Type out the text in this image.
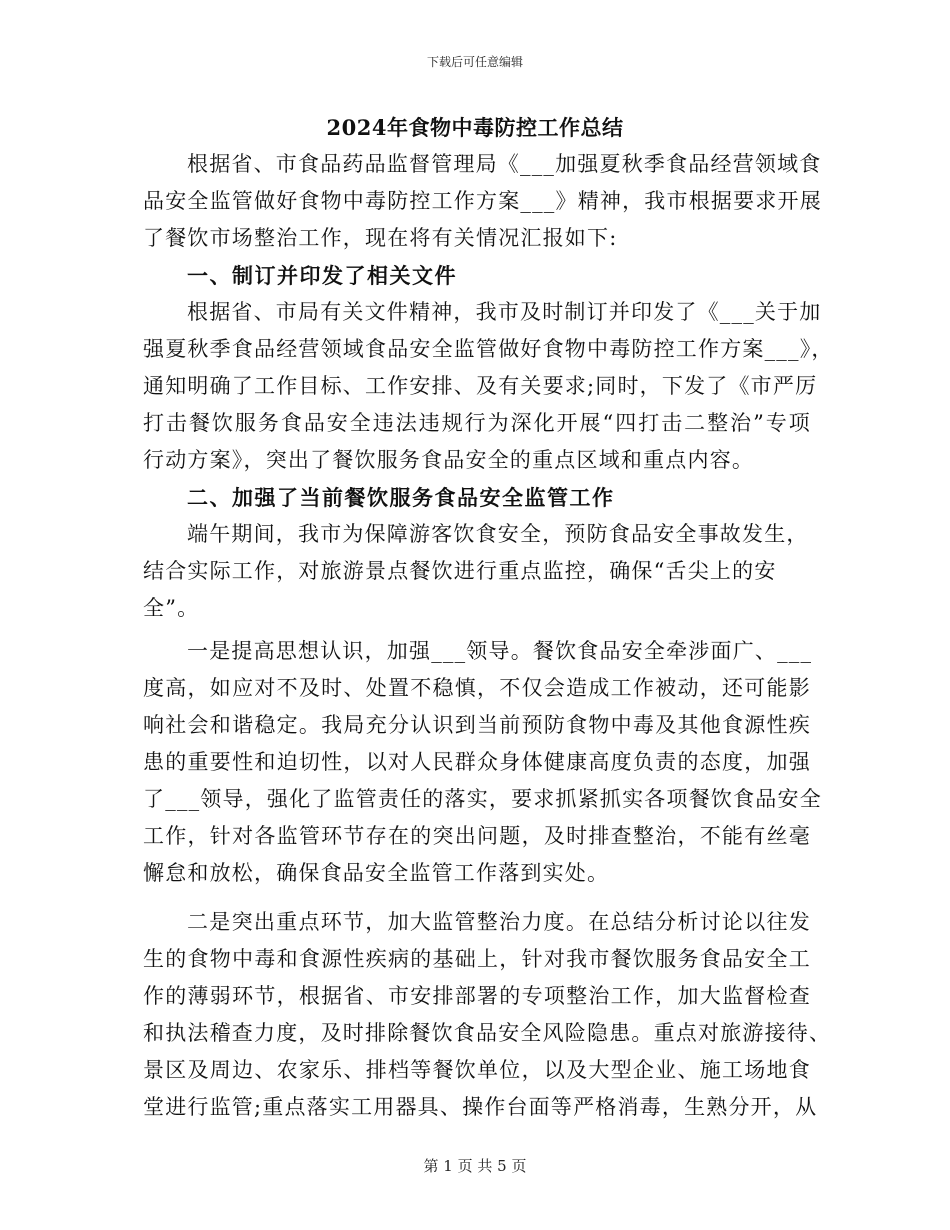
下载后可任意编辑
2024年食物中毒防控工作总结
根据省、市食品药品监督管理局《___加强夏秋季食品经营领域食
品安全监管做好食物中毒防控工作方案___》精神，我市根据要求开展
了餐饮市场整治工作，现在将有关情况汇报如下:
一、制订并印发了相关文件
根据省、市局有关文件精神，我市及时制订并印发了《___关于加
强夏秋季食品经营领域食品安全监管做好食物中毒防控工作方案___》，
通知明确了工作目标、工作安排、及有关要求;同时，下发了《市严厉
打击餐饮服务食品安全违法违规行为深化开展“四打击二整治”专项
行动方案》，突出了餐饮服务食品安全的重点区域和重点内容。
二、加强了当前餐饮服务食品安全监管工作
端午期间，我市为保障游客饮食安全，预防食品安全事故发生，
结合实际工作，对旅游景点餐饮进行重点监控，确保“舌尖上的安
全”。
一是提高思想认识，加强___领导。餐饮食品安全牵涉面广、___
度高，如应对不及时、处置不稳慎，不仅会造成工作被动，还可能影
响社会和谐稳定。我局充分认识到当前预防食物中毒及其他食源性疾
患的重要性和迫切性，以对人民群众身体健康高度负责的态度，加强
了___领导，强化了监管责任的落实，要求抓紧抓实各项餐饮食品安全
工作，针对各监管环节存在的突出问题，及时排查整治，不能有丝毫
懈怠和放松，确保食品安全监管工作落到实处。
二是突出重点环节，加大监管整治力度。在总结分析讨论以往发
生的食物中毒和食源性疾病的基础上，针对我市餐饮服务食品安全工
作的薄弱环节，根据省、市安排部署的专项整治工作，加大监督检查
和执法稽查力度，及时排除餐饮食品安全风险隐患。重点对旅游接待、
景区及周边、农家乐、排档等餐饮单位，以及大型企业、施工场地食
堂进行监管;重点落实工用器具、操作台面等严格消毒，生熟分开，从
第 1 页 共 5 页
